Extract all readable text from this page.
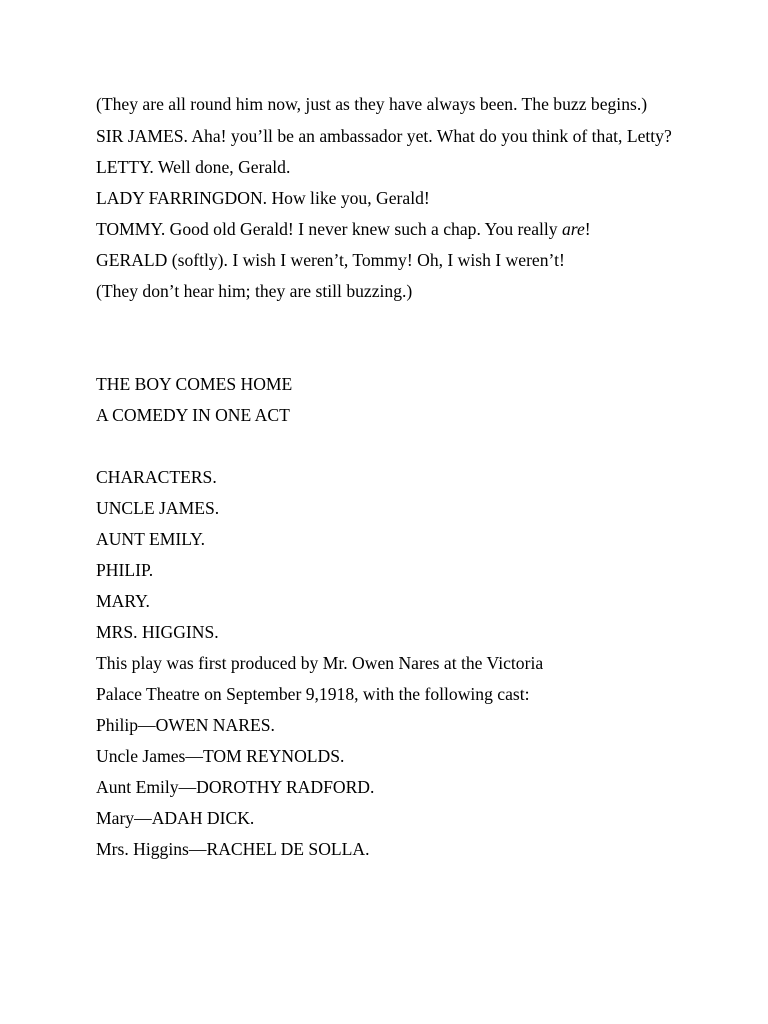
(They are all round him now, just as they have always been. The buzz begins.)

SIR JAMES. Aha! you’ll be an ambassador yet. What do you think of that, Letty?

LETTY. Well done, Gerald.

LADY FARRINGDON. How like you, Gerald!

TOMMY. Good old Gerald! I never knew such a chap. You really are!

GERALD (softly). I wish I weren’t, Tommy! Oh, I wish I weren’t!

(They don’t hear him; they are still buzzing.)

THE BOY COMES HOME

A COMEDY IN ONE ACT

CHARACTERS.

UNCLE JAMES.

AUNT EMILY.

PHILIP.

MARY.

MRS. HIGGINS.

This play was first produced by Mr. Owen Nares at the Victoria

Palace Theatre on September 9,1918, with the following cast:

Philip—OWEN NARES.

Uncle James—TOM REYNOLDS.

Aunt Emily—DOROTHY RADFORD.

Mary—ADAH DICK.

Mrs. Higgins—RACHEL DE SOLLA.
